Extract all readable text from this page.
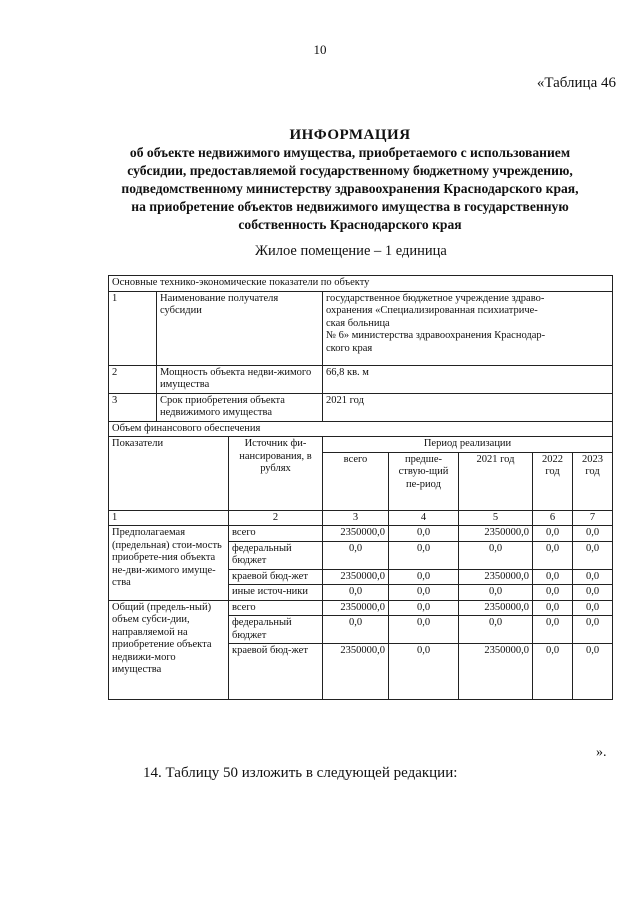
10
«Таблица 46
ИНФОРМАЦИЯ
об объекте недвижимого имущества, приобретаемого с использованием
субсидии, предоставляемой государственному бюджетному учреждению,
подведомственному министерству здравоохранения Краснодарского края,
на приобретение объектов недвижимого имущества в государственную
собственность Краснодарского края
Жилое помещение – 1 единица
Основные технико-экономические показатели по объекту							
1	Наименование получателя субсидии		государственное бюджетное учреждение здраво-
охранения «Специализированная психиатриче-
ская больница
№ 6» министерства здравоохранения Краснодар-
ского края				

2	Мощность объекта недви-жимого имущества		66,8 кв. м				
3	Срок приобретения объекта недвижимого имущества		2021 год				
Объем финансового обеспечения							
Показатели		Источник фи-нансирования, в рублях	Период реализации				
			всего	предше-ствую-щий пе-риод	2021 год	2022 год	2023 год
1		2	3	4	5	6	7
Предполагаемая (предельная) стои-мость приобрете-ния объекта не-дви-жимого имуще-ства		всего	2350000,0	0,0	2350000,0	0,0	0,0
		федеральный бюджет	0,0	0,0	0,0	0,0	0,0
		краевой бюд-жет	2350000,0	0,0	2350000,0	0,0	0,0
		иные источ-ники	0,0	0,0	0,0	0,0	0,0
Общий (предель-ный) объем субси-дии, направляемой на приобретение объекта недвижи-мого имущества		всего	2350000,0	0,0	2350000,0	0,0	0,0
		федеральный бюджет	0,0	0,0	0,0	0,0	0,0
		краевой бюд-жет	2350000,0	0,0	2350000,0	0,0	0,0
».
14. Таблицу 50 изложить в следующей редакции:
